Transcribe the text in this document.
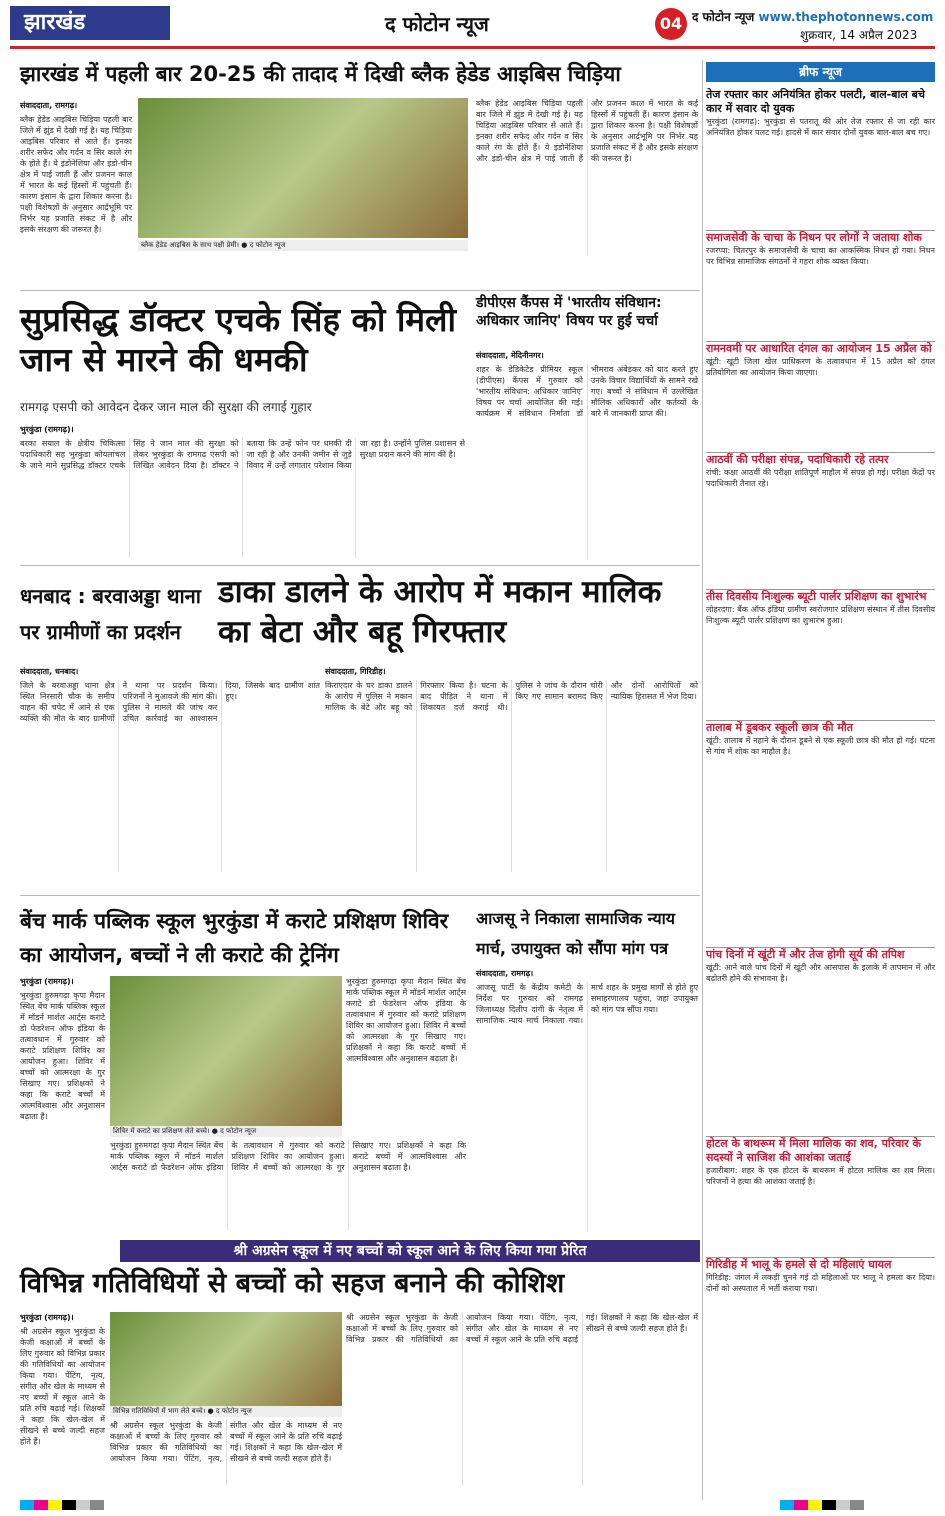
झारखंड	द फोटोन न्यूज	04 द फोटोन न्यूज www.thephotonnews.com
शुक्रवार, 14 अप्रैल 2023
झारखंड में पहली बार 20-25 की तादाद में दिखी ब्लैक हेडेड आइबिस चिड़िया
संवाददाता, रामगढ़।
ब्लैक हेडेड आइबिस के साथ पक्षी प्रेमी। ● द फोटोन न्यूज
ब्लैक हेडेड आइबिस चिड़िया पहली बार जिले में झुंड में देखी गई है। यह चिड़िया आइबिस परिवार से आते हैं। इनका शरीर सफेद और गर्दन व सिर काले रंग के होते हैं। ये इंडोनेशिया और इंडो-चीन क्षेत्र में पाई जाती हैं और प्रजनन काल में भारत के कई हिस्सों में पहुंचती हैं। कारण इंसान के द्वारा शिकार करना है। पक्षी विशेषज्ञों के अनुसार आर्द्रभूमि पर निर्भर यह प्रजाति संकट में है और इसके संरक्षण की जरूरत है।
ब्लैक हेडेड आइबिस चिड़िया पहली बार जिले में झुंड में देखी गई है। यह चिड़िया आइबिस परिवार से आते हैं। इनका शरीर सफेद और गर्दन व सिर काले रंग के होते हैं। ये इंडोनेशिया और इंडो-चीन क्षेत्र में पाई जाती हैं और प्रजनन काल में भारत के कई हिस्सों में पहुंचती हैं। कारण इंसान के द्वारा शिकार करना है। पक्षी विशेषज्ञों के अनुसार आर्द्रभूमि पर निर्भर यह प्रजाति संकट में है और इसके संरक्षण की जरूरत है।
सुप्रसिद्ध डॉक्टर एचके सिंह को मिली जान से मारने की धमकी
रामगढ़ एसपी को आवेदन देकर जान माल की सुरक्षा की लगाई गुहार
भुरकुंडा (रामगढ़)।
बरका सयाल के क्षेत्रीय चिकित्सा पदाधिकारी सह भुरकुंडा कोयलांचल के जाने माने सुप्रसिद्ध डॉक्टर एचके सिंह ने जान माल की सुरक्षा को लेकर भुरकुंडा के रामगढ़ एसपी को लिखित आवेदन दिया है। डॉक्टर ने बताया कि उन्हें फोन पर धमकी दी जा रही है और उनकी जमीन से जुड़े विवाद में उन्हें लगातार परेशान किया जा रहा है। उन्होंने पुलिस प्रशासन से सुरक्षा प्रदान करने की मांग की है।
डीपीएस कैंपस में 'भारतीय संविधान: अधिकार जानिए' विषय पर हुई चर्चा
संवाददाता, मेदिनीनगर।
शहर के डेडिकेटेड प्रीमियर स्कूल (डीपीएस) कैंपस में गुरुवार को 'भारतीय संविधान: अधिकार जानिए' विषय पर चर्चा आयोजित की गई। कार्यक्रम में संविधान निर्माता डॉ भीमराव अंबेडकर को याद करते हुए उनके विचार विद्यार्थियों के सामने रखे गए। बच्चों ने संविधान में उल्लेखित मौलिक अधिकारों और कर्तव्यों के बारे में जानकारी प्राप्त की।
धनबाद : बरवाअड्डा थाना पर ग्रामीणों का प्रदर्शन
संवाददाता, धनबाद।
जिले के बरवाअड्डा थाना क्षेत्र स्थित निरसारी चौक के समीप वाहन की चपेट में आने से एक व्यक्ति की मौत के बाद ग्रामीणों ने थाना पर प्रदर्शन किया। परिजनों ने मुआवजे की मांग की। पुलिस ने मामले की जांच कर उचित कार्रवाई का आश्वासन दिया, जिसके बाद ग्रामीण शांत हुए।
डाका डालने के आरोप में मकान मालिक का बेटा और बहू गिरफ्तार
संवाददाता, गिरिडीह।
किराएदार के घर डाका डालने के आरोप में पुलिस ने मकान मालिक के बेटे और बहू को गिरफ्तार किया है। घटना के बाद पीड़ित ने थाना में शिकायत दर्ज कराई थी। पुलिस ने जांच के दौरान चोरी किए गए सामान बरामद किए और दोनों आरोपितों को न्यायिक हिरासत में भेज दिया।
बेंच मार्क पब्लिक स्कूल भुरकुंडा में कराटे प्रशिक्षण शिविर का आयोजन, बच्चों ने ली कराटे की ट्रेनिंग
भुरकुंडा (रामगढ़)।
भुरकुंडा हुरुमगढ़ा कृपा मैदान स्थित बेंच मार्क पब्लिक स्कूल में मॉडर्न मार्शल आर्ट्स कराटे डो फेडरेशन ऑफ इंडिया के तत्वावधान में गुरुवार को कराटे प्रशिक्षण शिविर का आयोजन हुआ। शिविर में बच्चों को आत्मरक्षा के गुर सिखाए गए। प्रशिक्षकों ने कहा कि कराटे बच्चों में आत्मविश्वास और अनुशासन बढ़ाता है।
शिविर में कराटे का प्रशिक्षण लेते बच्चे। ● द फोटोन न्यूज
भुरकुंडा हुरुमगढ़ा कृपा मैदान स्थित बेंच मार्क पब्लिक स्कूल में मॉडर्न मार्शल आर्ट्स कराटे डो फेडरेशन ऑफ इंडिया के तत्वावधान में गुरुवार को कराटे प्रशिक्षण शिविर का आयोजन हुआ। शिविर में बच्चों को आत्मरक्षा के गुर सिखाए गए। प्रशिक्षकों ने कहा कि कराटे बच्चों में आत्मविश्वास और अनुशासन बढ़ाता है।
भुरकुंडा हुरुमगढ़ा कृपा मैदान स्थित बेंच मार्क पब्लिक स्कूल में मॉडर्न मार्शल आर्ट्स कराटे डो फेडरेशन ऑफ इंडिया के तत्वावधान में गुरुवार को कराटे प्रशिक्षण शिविर का आयोजन हुआ। शिविर में बच्चों को आत्मरक्षा के गुर सिखाए गए। प्रशिक्षकों ने कहा कि कराटे बच्चों में आत्मविश्वास और अनुशासन बढ़ाता है।
आजसू ने निकाला सामाजिक न्याय मार्च, उपायुक्त को सौंपा मांग पत्र
संवाददाता, रामगढ़।
आजसू पार्टी के केंद्रीय कमेटी के निर्देश पर गुरुवार को रामगढ़ जिलाध्यक्ष दिलीप दांगी के नेतृत्व में सामाजिक न्याय मार्च निकाला गया। मार्च शहर के प्रमुख मार्गों से होते हुए समाहरणालय पहुंचा, जहां उपायुक्त को मांग पत्र सौंपा गया।
श्री अग्रसेन स्कूल में नए बच्चों को स्कूल आने के लिए किया गया प्रेरित
विभिन्न गतिविधियों से बच्चों को सहज बनाने की कोशिश
भुरकुंडा (रामगढ़)।
श्री अग्रसेन स्कूल भुरकुंडा के केजी कक्षाओं में बच्चों के लिए गुरुवार को विभिन्न प्रकार की गतिविधियों का आयोजन किया गया। पेंटिंग, नृत्य, संगीत और खेल के माध्यम से नए बच्चों में स्कूल आने के प्रति रुचि बढ़ाई गई। शिक्षकों ने कहा कि खेल-खेल में सीखने से बच्चे जल्दी सहज होते हैं।
विभिन्न गतिविधियों में भाग लेते बच्चे। ● द फोटोन न्यूज
श्री अग्रसेन स्कूल भुरकुंडा के केजी कक्षाओं में बच्चों के लिए गुरुवार को विभिन्न प्रकार की गतिविधियों का आयोजन किया गया। पेंटिंग, नृत्य, संगीत और खेल के माध्यम से नए बच्चों में स्कूल आने के प्रति रुचि बढ़ाई गई। शिक्षकों ने कहा कि खेल-खेल में सीखने से बच्चे जल्दी सहज होते हैं।
श्री अग्रसेन स्कूल भुरकुंडा के केजी कक्षाओं में बच्चों के लिए गुरुवार को विभिन्न प्रकार की गतिविधियों का आयोजन किया गया। पेंटिंग, नृत्य, संगीत और खेल के माध्यम से नए बच्चों में स्कूल आने के प्रति रुचि बढ़ाई गई। शिक्षकों ने कहा कि खेल-खेल में सीखने से बच्चे जल्दी सहज होते हैं।
ब्रीफ न्यूज
तेज रफ्तार कार अनियंत्रित होकर पलटी, बाल-बाल बचे कार में सवार दो युवक
भुरकुंडा (रामगढ़): भुरकुंडा से पतरातू की ओर तेज रफ्तार से जा रही कार अनियंत्रित होकर पलट गई। हादसे में कार सवार दोनों युवक बाल-बाल बच गए।
समाजसेवी के चाचा के निधन पर लोगों ने जताया शोक
रजरप्पा: चितरपुर के समाजसेवी के चाचा का आकस्मिक निधन हो गया। निधन पर विभिन्न सामाजिक संगठनों ने गहरा शोक व्यक्त किया।
रामनवमी पर आधारित दंगल का आयोजन 15 अप्रैल को
खूंटी: खूंटी जिला खेल प्राधिकरण के तत्वावधान में 15 अप्रैल को दंगल प्रतियोगिता का आयोजन किया जाएगा।
आठवीं की परीक्षा संपन्न, पदाधिकारी रहे तत्पर
रांची: कक्षा आठवीं की परीक्षा शांतिपूर्ण माहौल में संपन्न हो गई। परीक्षा केंद्रों पर पदाधिकारी तैनात रहे।
तीस दिवसीय निःशुल्क ब्यूटी पार्लर प्रशिक्षण का शुभारंभ
लोहरदगा: बैंक ऑफ इंडिया ग्रामीण स्वरोजगार प्रशिक्षण संस्थान में तीस दिवसीय निःशुल्क ब्यूटी पार्लर प्रशिक्षण का शुभारंभ हुआ।
तालाब में डूबकर स्कूली छात्र की मौत
खूंटी: तालाब में नहाने के दौरान डूबने से एक स्कूली छात्र की मौत हो गई। घटना से गांव में शोक का माहौल है।
पांच दिनों में खूंटी में और तेज होगी सूर्य की तपिश
खूंटी: आने वाले पांच दिनों में खूंटी और आसपास के इलाके में तापमान में और बढ़ोतरी होने की संभावना है।
होटल के बाथरूम में मिला मालिक का शव, परिवार के सदस्यों ने साजिश की आशंका जताई
हजारीबाग: शहर के एक होटल के बाथरूम में होटल मालिक का शव मिला। परिजनों ने हत्या की आशंका जताई है।
गिरिडीह में भालू के हमले से दो महिलाएं घायल
गिरिडीह: जंगल में लकड़ी चुनने गई दो महिलाओं पर भालू ने हमला कर दिया। दोनों को अस्पताल में भर्ती कराया गया।
